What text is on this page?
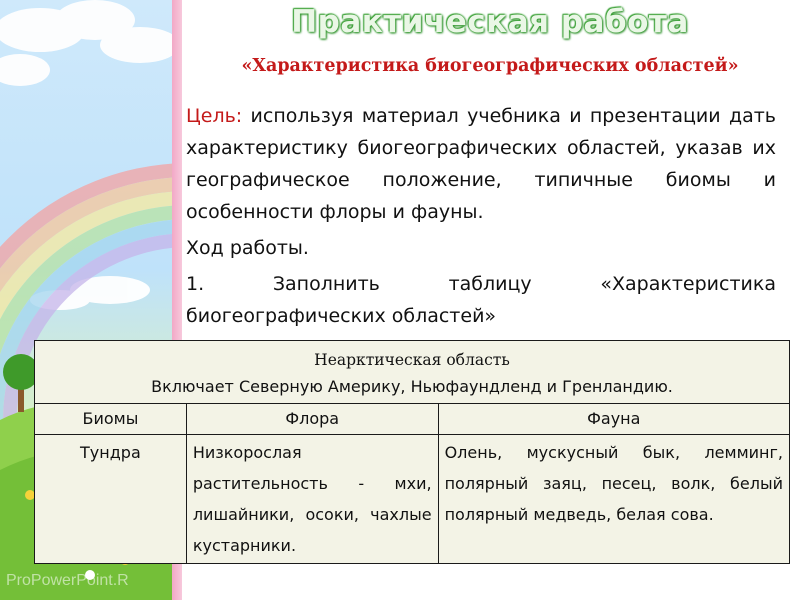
ProPowerPoint.R
Практическая работа
«Характеристика биогеографических областей»

Цель: используя материал учебника и презентации дать характеристику биогеографических областей, указав их географическое положение, типичные биомы и особенности флоры и фауны.

Ход работы.

1. Заполнить таблицу «Характеристика биогеографических областей»

Неарктическая область
Включает Северную Америку, Ньюфаундленд и Гренландию.		

Биомы	Флора	Фауна
Тундра	Низкорослая растительность - мхи, лишайники, осоки, чахлые кустарники.	Олень, мускусный бык, лемминг, полярный заяц, песец, волк, белый полярный медведь, белая сова.
